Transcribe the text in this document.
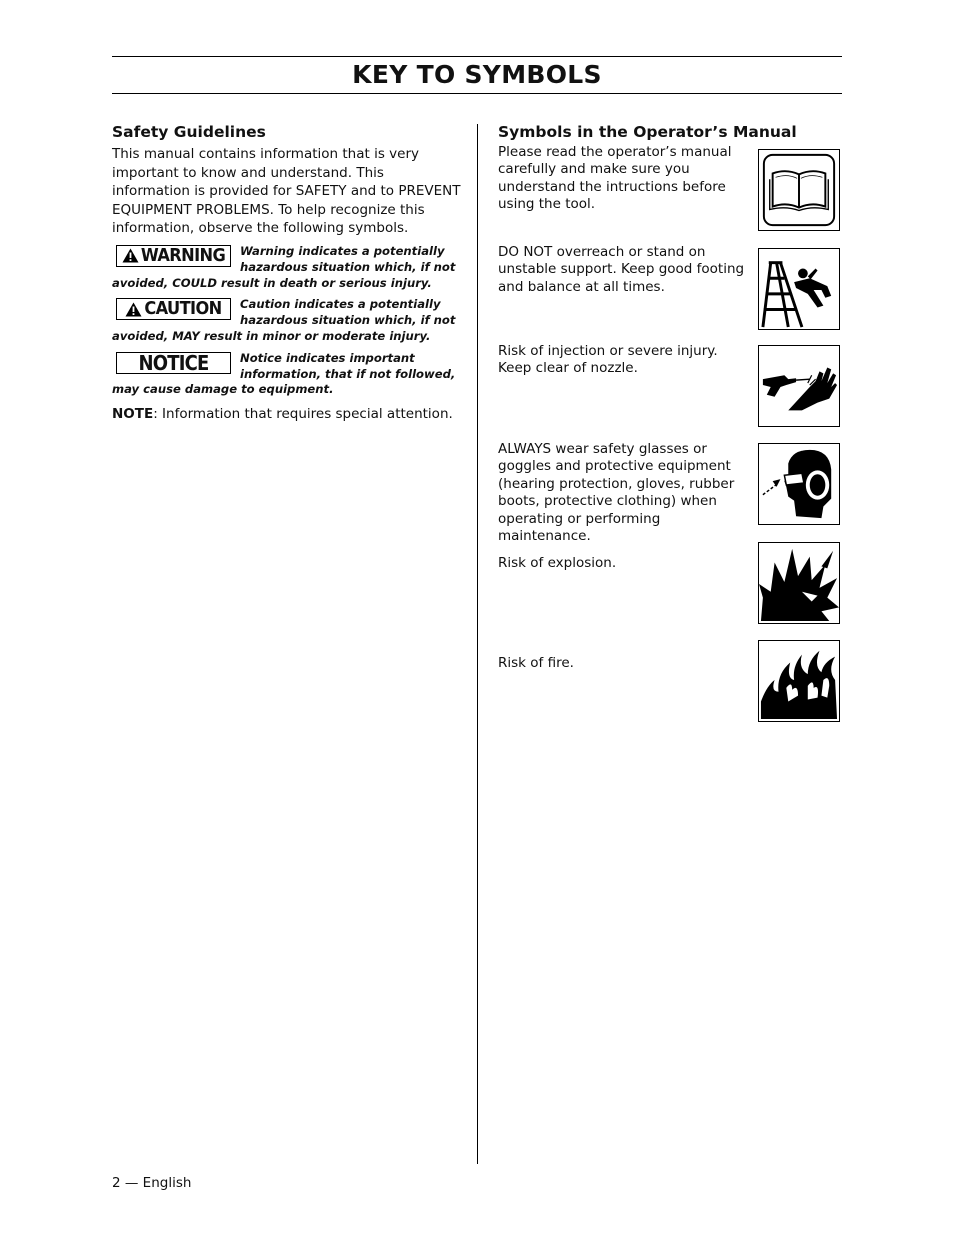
KEY TO SYMBOLS
Safety Guidelines

This manual contains information that is very important to know and understand. This information is provided for SAFETY and to PREVENT EQUIPMENT PROBLEMS. To help recognize this information, observe the following symbols.

WARNING	Warning indicates a potentially hazardous situation which, if not avoided, COULD result in death or serious injury.

CAUTION	Caution indicates a potentially hazardous situation which, if not avoided, MAY result in minor or moderate injury.

NOTICE	Notice indicates important information, that if not followed, may cause damage to equipment.

NOTE: Information that requires special attention.

Symbols in the Operator’s Manual

Please read the operator’s manual carefully and make sure you understand the intructions before using the tool.

DO NOT overreach or stand on unstable support. Keep good footing and balance at all times.

Risk of injection or severe injury. Keep clear of nozzle.

ALWAYS wear safety glasses or goggles and protective equipment (hearing protection, gloves, rubber boots, protective clothing) when operating or performing maintenance.

Risk of explosion.

Risk of fire.

2 — English
